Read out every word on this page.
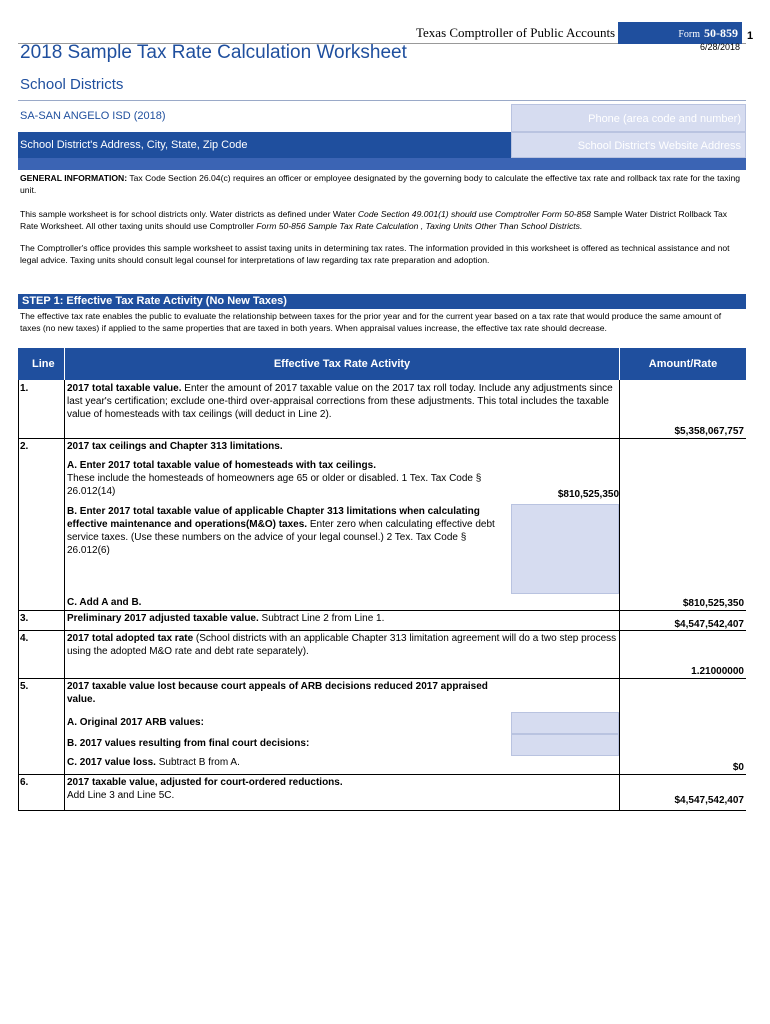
Texas Comptroller of Public Accounts	Form 50-859 1
6/28/2018
2018 Sample Tax Rate Calculation Worksheet
School Districts
SA-SAN ANGELO ISD (2018)	Phone (area code and number)
School District's Address, City, State, Zip Code	School District's Website Address
GENERAL INFORMATION: Tax Code Section 26.04(c) requires an officer or employee designated by the governing body to calculate the effective tax rate and rollback tax rate for the taxing unit.
This sample worksheet is for school districts only. Water districts as defined under Water Code Section 49.001(1) should use Comptroller Form 50-858 Sample Water District Rollback Tax Rate Worksheet. All other taxing units should use Comptroller Form 50-856 Sample Tax Rate Calculation , Taxing Units Other Than School Districts.
The Comptroller's office provides this sample worksheet to assist taxing units in determining tax rates. The information provided in this worksheet is offered as technical assistance and not legal advice. Taxing units should consult legal counsel for interpretations of law regarding tax rate preparation and adoption.
STEP 1: Effective Tax Rate Activity (No New Taxes)
The effective tax rate enables the public to evaluate the relationship between taxes for the prior year and for the current year based on a tax rate that would produce the same amount of taxes (no new taxes) if applied to the same properties that are taxed in both years. When appraisal values increase, the effective tax rate should decrease.
Line	Effective Tax Rate Activity	Amount/Rate
1.	2017 total taxable value. Enter the amount of 2017 taxable value on the 2017 tax roll today. Include any adjustments since last year's certification; exclude one-third over-appraisal corrections from these adjustments. This total includes the taxable value of homesteads with tax ceilings (will deduct in Line 2).
$5,358,067,757
2.	2017 tax ceilings and Chapter 313 limitations.
A. Enter 2017 total taxable value of homesteads with tax ceilings.
These include the homesteads of homeowners age 65 or older or disabled. 1 Tex. Tax Code § 26.012(14)	$810,525,350
B. Enter 2017 total taxable value of applicable Chapter 313 limitations when calculating effective maintenance and operations(M&O) taxes. Enter zero when calculating effective debt service taxes. (Use these numbers on the advice of your legal counsel.) 2 Tex. Tax Code § 26.012(6)
C. Add A and B.	$810,525,350
3.	Preliminary 2017 adjusted taxable value. Subtract Line 2 from Line 1.
$4,547,542,407
4.	2017 total adopted tax rate (School districts with an applicable Chapter 313 limitation agreement will do a two step process using the adopted M&O rate and debt rate separately).
1.21000000
5.	2017 taxable value lost because court appeals of ARB decisions reduced 2017 appraised value.
A. Original 2017 ARB values:
B. 2017 values resulting from final court decisions:
C. 2017 value loss. Subtract B from A.	$0
6.	2017 taxable value, adjusted for court-ordered reductions.
Add Line 3 and Line 5C.	$4,547,542,407
